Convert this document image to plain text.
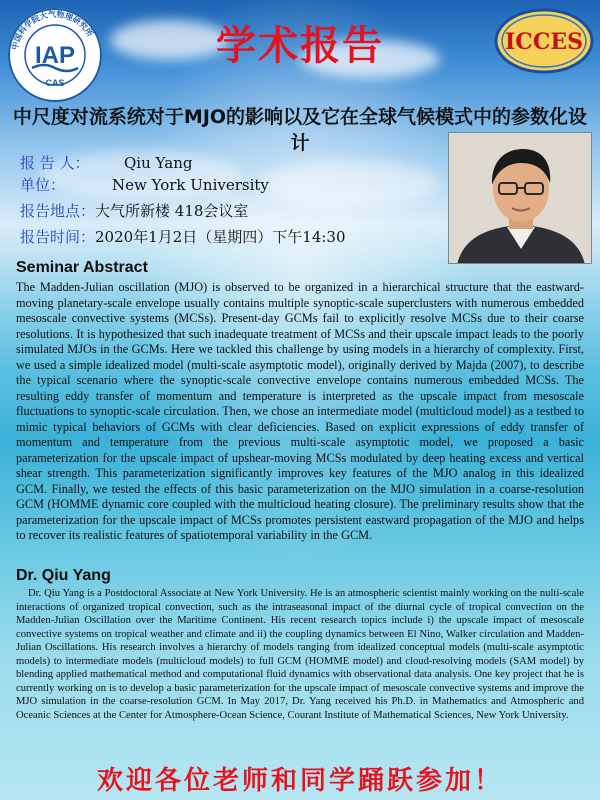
中国科学院大气物理研究所
IAP
CAS
学术报告	ICCES
中尺度对流系统对于MJO的影响以及它在全球气候模式中的参数化设计
报 告 人： Qiu Yang
单位：	New York University
报告地点：大气所新楼 418会议室
报告时间：2020年1月2日（星期四）下午14:30
Seminar Abstract
The Madden-Julian oscillation (MJO) is observed to be organized in a hierarchical structure that the eastward-moving planetary-scale envelope usually contains multiple synoptic-scale superclusters with numerous embedded mesoscale convective systems (MCSs). Present-day GCMs fail to explicitly resolve MCSs due to their coarse resolutions. It is hypothesized that such inadequate treatment of MCSs and their upscale impact leads to the poorly simulated MJOs in the GCMs. Here we tackled this challenge by using models in a hierarchy of complexity. First, we used a simple idealized model (multi-scale asymptotic model), originally derived by Majda (2007), to describe the typical scenario where the synoptic-scale convective envelope contains numerous embedded MCSs. The resulting eddy transfer of momentum and temperature is interpreted as the upscale impact from mesoscale fluctuations to synoptic-scale circulation. Then, we chose an intermediate model (multicloud model) as a testbed to mimic typical behaviors of GCMs with clear deficiencies. Based on explicit expressions of eddy transfer of momentum and temperature from the previous multi-scale asymptotic model, we proposed a basic parameterization for the upscale impact of upshear-moving MCSs modulated by deep heating excess and vertical shear strength. This parameterization significantly improves key features of the MJO analog in this idealized GCM. Finally, we tested the effects of this basic parameterization on the MJO simulation in a coarse-resolution GCM (HOMME dynamic core coupled with the multicloud heating closure). The preliminary results show that the parameterization for the upscale impact of MCSs promotes persistent eastward propagation of the MJO and helps to recover its realistic features of spatiotemporal variability in the GCM.
Dr. Qiu Yang
Dr. Qiu Yang is a Postdoctoral Associate at New York University. He is an atmospheric scientist mainly working on the nulti-scale interactions of organized tropical convection, such as the intraseasonal impact of the diurnal cycle of tropical convection on the Madden-Julian Oscillation over the Maritime Continent. His recent research topics include i) the upscale impact of mesoscale convective systems on tropical weather and climate and ii) the coupling dynamics between El Nino, Walker circulation and Madden-Julian Oscillations. His research involves a hierarchy of models ranging from idealized conceptual models (multi-scale asymptotic models) to intermediate models (multicloud models) to full GCM (HOMME model) and cloud-resolving models (SAM model) by blending applied mathematical method and computational fluid dynamics with observational data analysis. One key project that he is currently working on is to develop a basic parameterization for the upscale impact of mesoscale convective systems and improve the MJO simulation in the coarse-resolution GCM. In May 2017, Dr. Yang received his Ph.D. in Mathematics and Atmospheric and Oceanic Sciences at the Center for Atmosphere-Ocean Science, Courant Institute of Mathematical Sciences, New York University.
欢迎各位老师和同学踊跃参加！
